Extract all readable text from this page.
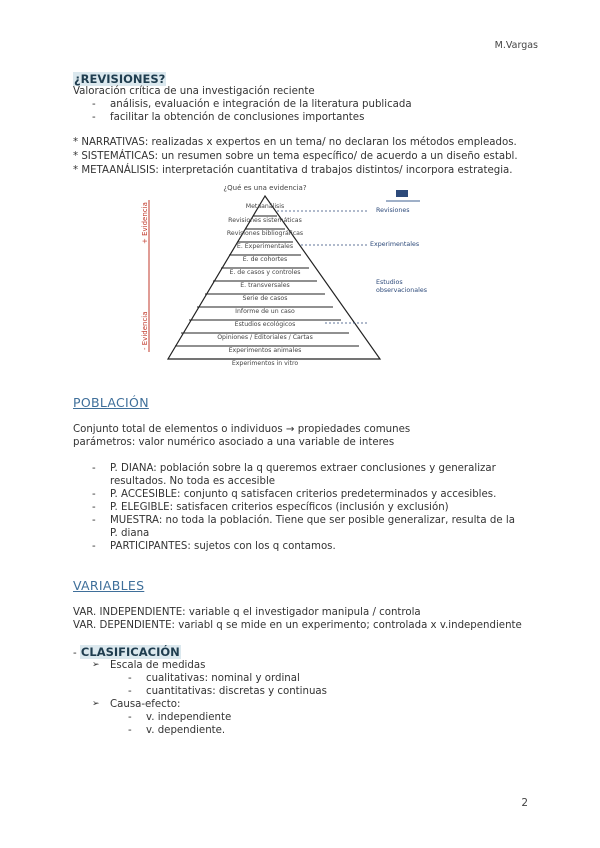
M.Vargas
¿REVISIONES?
Valoración crítica de una investigación reciente
- análisis, evaluación e integración de la literatura publicada
- facilitar la obtención de conclusiones importantes
* NARRATIVAS: realizadas x expertos en un tema/ no declaran los métodos empleados.
* SISTEMÁTICAS: un resumen sobre un tema específico/ de acuerdo a un diseño establ.
* METAANÁLISIS: interpretación cuantitativa d trabajos distintos/ incorpora estrategia.
¿Qué es una evidencia?
Metaanálisis
Revisiones sistemáticas
Revisiones bibliográficas
E. Experimentales
E. de cohortes
E. de casos y controles
E. transversales
Serie de casos
Informe de un caso
Estudios ecológicos
Opiniones / Editoriales / Cartas
Experimentos animales
Experimentos in vitro
+ Evidencia
- Evidencia
Revisiones
Experimentales
Estudios observacionales
POBLACIÓN
Conjunto total de elementos o individuos → propiedades comunes
parámetros: valor numérico asociado a una variable de interes
- P. DIANA: población sobre la q queremos extraer conclusiones y generalizar
resultados. No toda es accesible
- P. ACCESIBLE: conjunto q satisfacen criterios predeterminados y accesibles.
- P. ELEGIBLE: satisfacen criterios específicos (inclusión y exclusión)
- MUESTRA: no toda la población. Tiene que ser posible generalizar, resulta de la
P. diana
- PARTICIPANTES: sujetos con los q contamos.
VARIABLES
VAR. INDEPENDIENTE: variable q el investigador manipula / controla
VAR. DEPENDIENTE: variabl q se mide en un experimento; controlada x v.independiente
- CLASIFICACIÓN
➢ Escala de medidas
- cualitativas: nominal y ordinal
- cuantitativas: discretas y continuas
➢ Causa-efecto:
- v. independiente
- v. dependiente.
2
